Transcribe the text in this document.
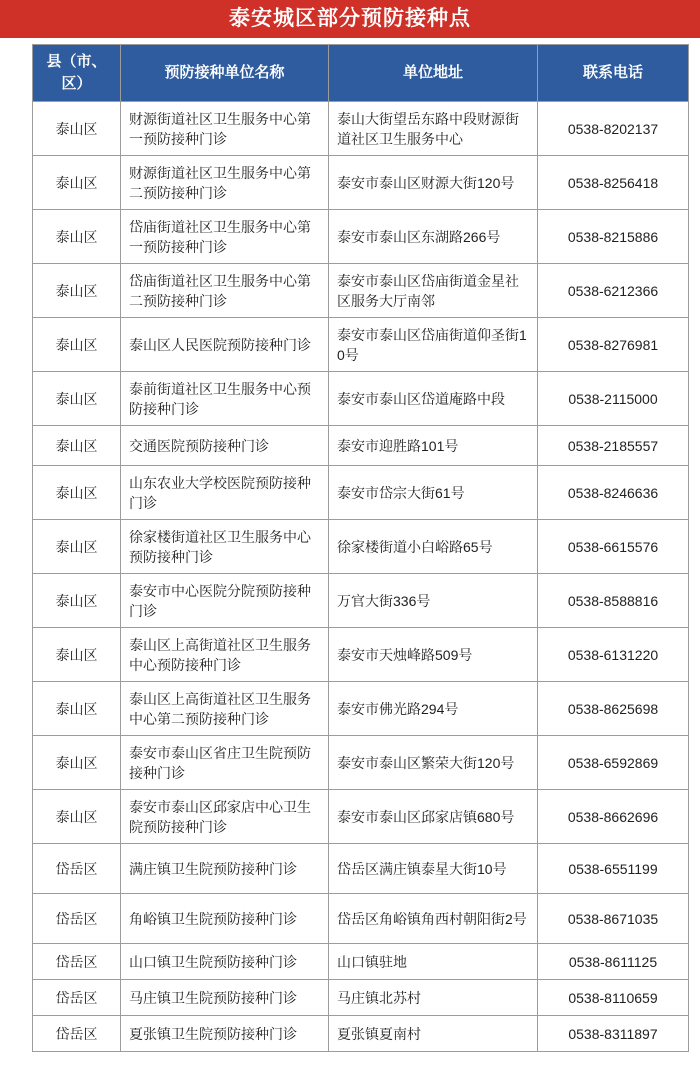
泰安城区部分预防接种点
县（市、区）	预防接种单位名称	单位地址	联系电话
泰山区	财源街道社区卫生服务中心第一预防接种门诊	泰山大街望岳东路中段财源街道社区卫生服务中心	0538-8202137
泰山区	财源街道社区卫生服务中心第二预防接种门诊	泰安市泰山区财源大街120号	0538-8256418
泰山区	岱庙街道社区卫生服务中心第一预防接种门诊	泰安市泰山区东湖路266号	0538-8215886
泰山区	岱庙街道社区卫生服务中心第二预防接种门诊	泰安市泰山区岱庙街道金星社区服务大厅南邻	0538-6212366
泰山区	泰山区人民医院预防接种门诊	泰安市泰山区岱庙街道仰圣街10号	0538-8276981
泰山区	泰前街道社区卫生服务中心预防接种门诊	泰安市泰山区岱道庵路中段	0538-2115000
泰山区	交通医院预防接种门诊	泰安市迎胜路101号	0538-2185557
泰山区	山东农业大学校医院预防接种门诊	泰安市岱宗大街61号	0538-8246636
泰山区	徐家楼街道社区卫生服务中心预防接种门诊	徐家楼街道小白峪路65号	0538-6615576
泰山区	泰安市中心医院分院预防接种门诊	万官大街336号	0538-8588816
泰山区	泰山区上高街道社区卫生服务中心预防接种门诊	泰安市天烛峰路509号	0538-6131220
泰山区	泰山区上高街道社区卫生服务中心第二预防接种门诊	泰安市佛光路294号	0538-8625698
泰山区	泰安市泰山区省庄卫生院预防接种门诊	泰安市泰山区繁荣大街120号	0538-6592869
泰山区	泰安市泰山区邱家店中心卫生院预防接种门诊	泰安市泰山区邱家店镇680号	0538-8662696
岱岳区	满庄镇卫生院预防接种门诊	岱岳区满庄镇泰星大街10号	0538-6551199
岱岳区	角峪镇卫生院预防接种门诊	岱岳区角峪镇角西村朝阳街2号	0538-8671035
岱岳区	山口镇卫生院预防接种门诊	山口镇驻地	0538-8611125
岱岳区	马庄镇卫生院预防接种门诊	马庄镇北苏村	0538-8110659
岱岳区	夏张镇卫生院预防接种门诊	夏张镇夏南村	0538-8311897
